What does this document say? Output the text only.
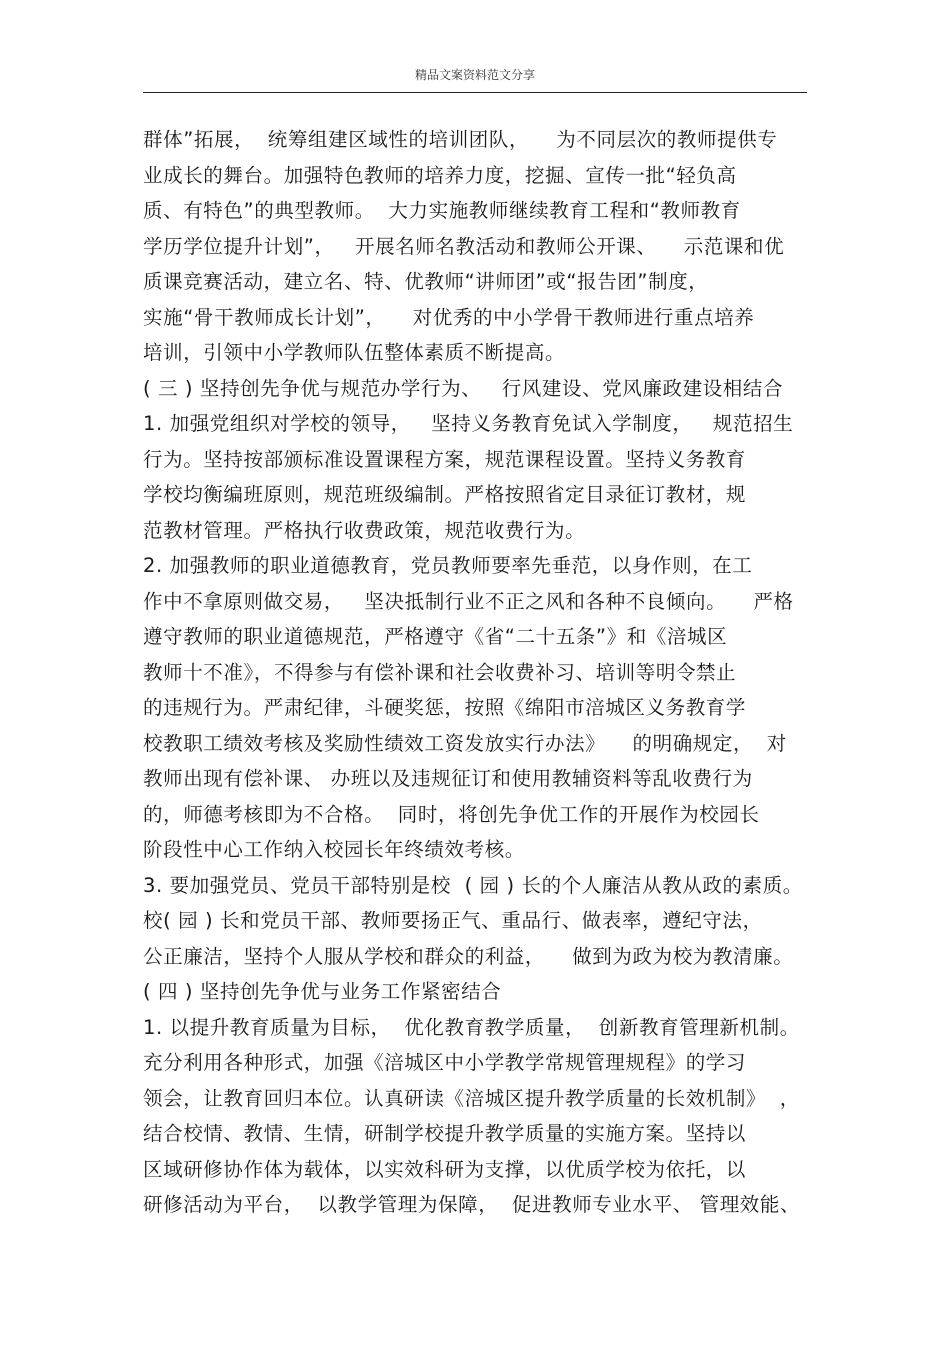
精品文案资料范文分享
群体”拓展，  统筹组建区域性的培训团队，    为不同层次的教师提供专
业成长的舞台。加强特色教师的培养力度，挖掘、宣传一批“轻负高
质、有特色”的典型教师。  大力实施教师继续教育工程和“教师教育
学历学位提升计划”，   开展名师名教活动和教师公开课、    示范课和优
质课竞赛活动，建立名、特、优教师“讲师团”或“报告团”制度，
实施“骨干教师成长计划”，    对优秀的中小学骨干教师进行重点培养
培训，引领中小学教师队伍整体素质不断提高。
( 三 ) 坚持创先争优与规范办学行为、   行风建设、党风廉政建设相结合
1. 加强党组织对学校的领导，   坚持义务教育免试入学制度，   规范招生
行为。坚持按部颁标准设置课程方案，规范课程设置。坚持义务教育
学校均衡编班原则，规范班级编制。严格按照省定目录征订教材，规
范教材管理。严格执行收费政策，规范收费行为。
2. 加强教师的职业道德教育，党员教师要率先垂范，以身作则，在工
作中不拿原则做交易，   坚决抵制行业不正之风和各种不良倾向。    严格
遵守教师的职业道德规范，严格遵守《省“二十五条”》和《涪城区
教师十不准》，不得参与有偿补课和社会收费补习、培训等明令禁止
的违规行为。严肃纪律，斗硬奖惩，按照《绵阳市涪城区义务教育学
校教职工绩效考核及奖励性绩效工资发放实行办法》    的明确规定，  对
教师出现有偿补课、 办班以及违规征订和使用教辅资料等乱收费行为
的，师德考核即为不合格。  同时，将创先争优工作的开展作为校园长
阶段性中心工作纳入校园长年终绩效考核。
3. 要加强党员、党员干部特别是校  ( 园 ) 长的个人廉洁从教从政的素质。
校( 园 ) 长和党员干部、教师要扬正气、重品行、做表率，遵纪守法，
公正廉洁，坚持个人服从学校和群众的利益，    做到为政为校为教清廉。
( 四 ) 坚持创先争优与业务工作紧密结合
1. 以提升教育质量为目标，  优化教育教学质量，  创新教育管理新机制。
充分利用各种形式，加强《涪城区中小学教学常规管理规程》的学习
领会，让教育回归本位。认真研读《涪城区提升教学质量的长效机制》  ，
结合校情、教情、生情，研制学校提升教学质量的实施方案。坚持以
区域研修协作体为载体，以实效科研为支撑，以优质学校为依托，以
研修活动为平台，  以教学管理为保障，  促进教师专业水平、 管理效能、
